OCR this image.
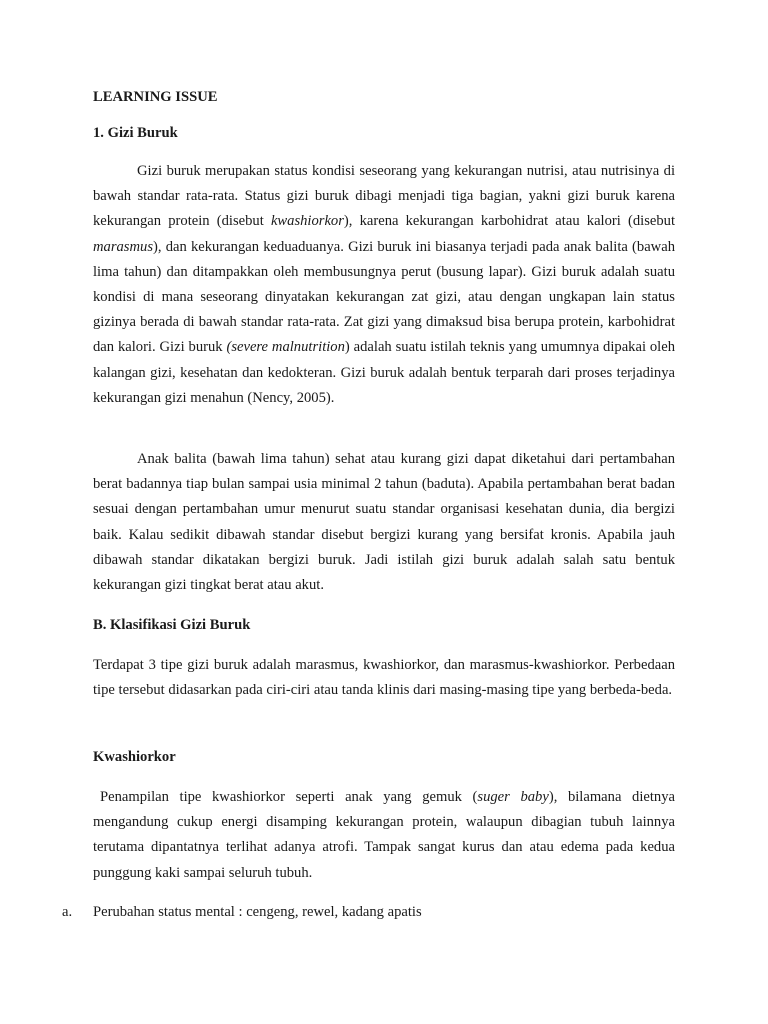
LEARNING ISSUE
1. Gizi Buruk
Gizi buruk merupakan status kondisi seseorang yang kekurangan nutrisi, atau nutrisinya di bawah standar rata-rata. Status gizi buruk dibagi menjadi tiga bagian, yakni gizi buruk karena kekurangan protein (disebut kwashiorkor), karena kekurangan karbohidrat atau kalori (disebut marasmus), dan kekurangan keduaduanya. Gizi buruk ini biasanya terjadi pada anak balita (bawah lima tahun) dan ditampakkan oleh membusungnya perut (busung lapar). Gizi buruk adalah suatu kondisi di mana seseorang dinyatakan kekurangan zat gizi, atau dengan ungkapan lain status gizinya berada di bawah standar rata-rata. Zat gizi yang dimaksud bisa berupa protein, karbohidrat dan kalori. Gizi buruk (severe malnutrition) adalah suatu istilah teknis yang umumnya dipakai oleh kalangan gizi, kesehatan dan kedokteran. Gizi buruk adalah bentuk terparah dari proses terjadinya kekurangan gizi menahun (Nency, 2005).
Anak balita (bawah lima tahun) sehat atau kurang gizi dapat diketahui dari pertambahan berat badannya tiap bulan sampai usia minimal 2 tahun (baduta). Apabila pertambahan berat badan sesuai dengan pertambahan umur menurut suatu standar organisasi kesehatan dunia, dia bergizi baik. Kalau sedikit dibawah standar disebut bergizi kurang yang bersifat kronis. Apabila jauh dibawah standar dikatakan bergizi buruk. Jadi istilah gizi buruk adalah salah satu bentuk kekurangan gizi tingkat berat atau akut.
B. Klasifikasi Gizi Buruk
Terdapat 3 tipe gizi buruk adalah marasmus, kwashiorkor, dan marasmus-kwashiorkor. Perbedaan tipe tersebut didasarkan pada ciri-ciri atau tanda klinis dari masing-masing tipe yang berbeda-beda.
Kwashiorkor
Penampilan tipe kwashiorkor seperti anak yang gemuk (suger baby), bilamana dietnya mengandung cukup energi disamping kekurangan protein, walaupun dibagian tubuh lainnya terutama dipantatnya terlihat adanya atrofi. Tampak sangat kurus dan atau edema pada kedua punggung kaki sampai seluruh tubuh.
a. Perubahan status mental : cengeng, rewel, kadang apatis
